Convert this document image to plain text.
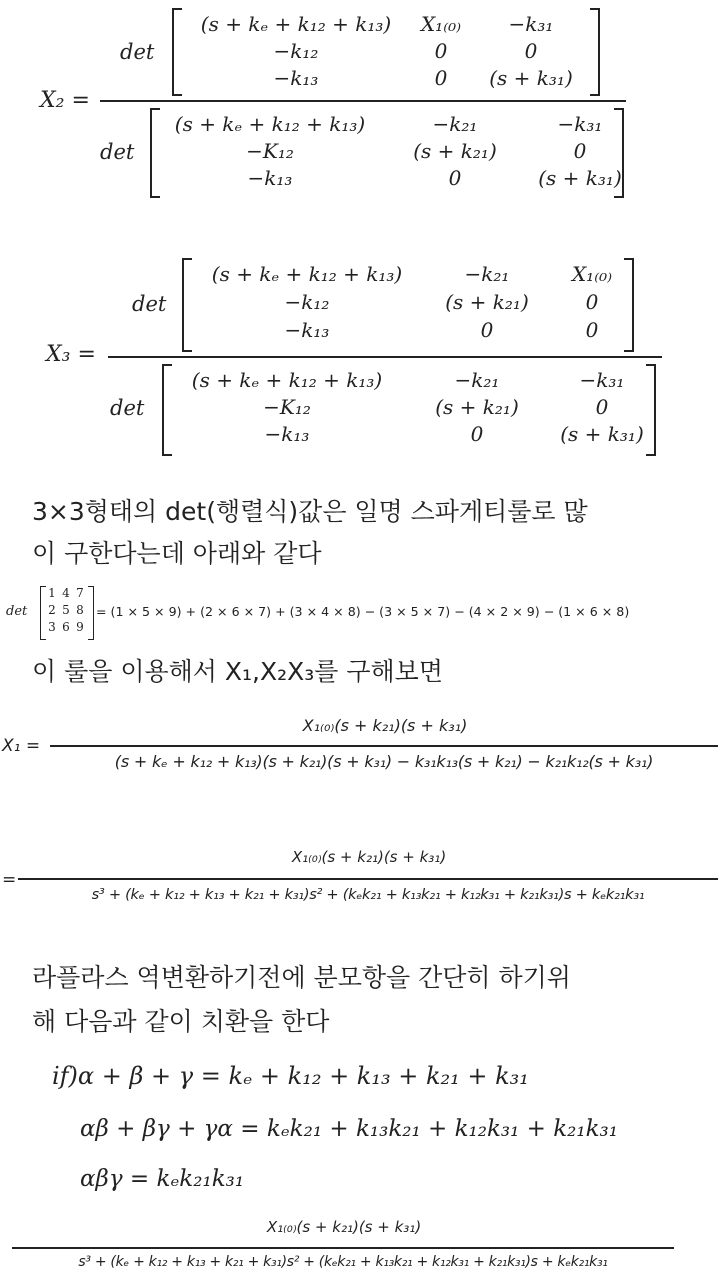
X₂ =
det
(s + kₑ + k₁₂ + k₁₃)	X₁₍₀₎	−k₃₁
−k₁₂	0	0
−k₁₃	0	(s + k₃₁)
det
(s + kₑ + k₁₂ + k₁₃)	−k₂₁	−k₃₁
−K₁₂	(s + k₂₁)	0
−k₁₃	0	(s + k₃₁)
X₃ =
det
(s + kₑ + k₁₂ + k₁₃)	−k₂₁	X₁₍₀₎
−k₁₂	(s + k₂₁)	0
−k₁₃	0	0
det
(s + kₑ + k₁₂ + k₁₃)	−k₂₁	−k₃₁
−K₁₂	(s + k₂₁)	0
−k₁₃	0	(s + k₃₁)
3×3형태의 det(행렬식)값은 일명 스파게티룰로 많
이 구한다는데 아래와 같다
det
1 4 7
2 5 8
3 6 9
= (1 × 5 × 9) + (2 × 6 × 7) + (3 × 4 × 8) − (3 × 5 × 7) − (4 × 2 × 9) − (1 × 6 × 8)
이 룰을 이용해서 X₁,X₂X₃를 구해보면
X₁ =
X₁₍₀₎(s + k₂₁)(s + k₃₁)
(s + kₑ + k₁₂ + k₁₃)(s + k₂₁)(s + k₃₁) − k₃₁k₁₃(s + k₂₁) − k₂₁k₁₂(s + k₃₁)
=
X₁₍₀₎(s + k₂₁)(s + k₃₁)
s³ + (kₑ + k₁₂ + k₁₃ + k₂₁ + k₃₁)s² + (kₑk₂₁ + k₁₃k₂₁ + k₁₂k₃₁ + k₂₁k₃₁)s + kₑk₂₁k₃₁
라플라스 역변환하기전에 분모항을 간단히 하기위
해 다음과 같이 치환을 한다
if)α + β + γ = kₑ + k₁₂ + k₁₃ + k₂₁ + k₃₁
αβ + βγ + γα = kₑk₂₁ + k₁₃k₂₁ + k₁₂k₃₁ + k₂₁k₃₁
αβγ = kₑk₂₁k₃₁
X₁₍₀₎(s + k₂₁)(s + k₃₁)
s³ + (kₑ + k₁₂ + k₁₃ + k₂₁ + k₃₁)s² + (kₑk₂₁ + k₁₃k₂₁ + k₁₂k₃₁ + k₂₁k₃₁)s + kₑk₂₁k₃₁
